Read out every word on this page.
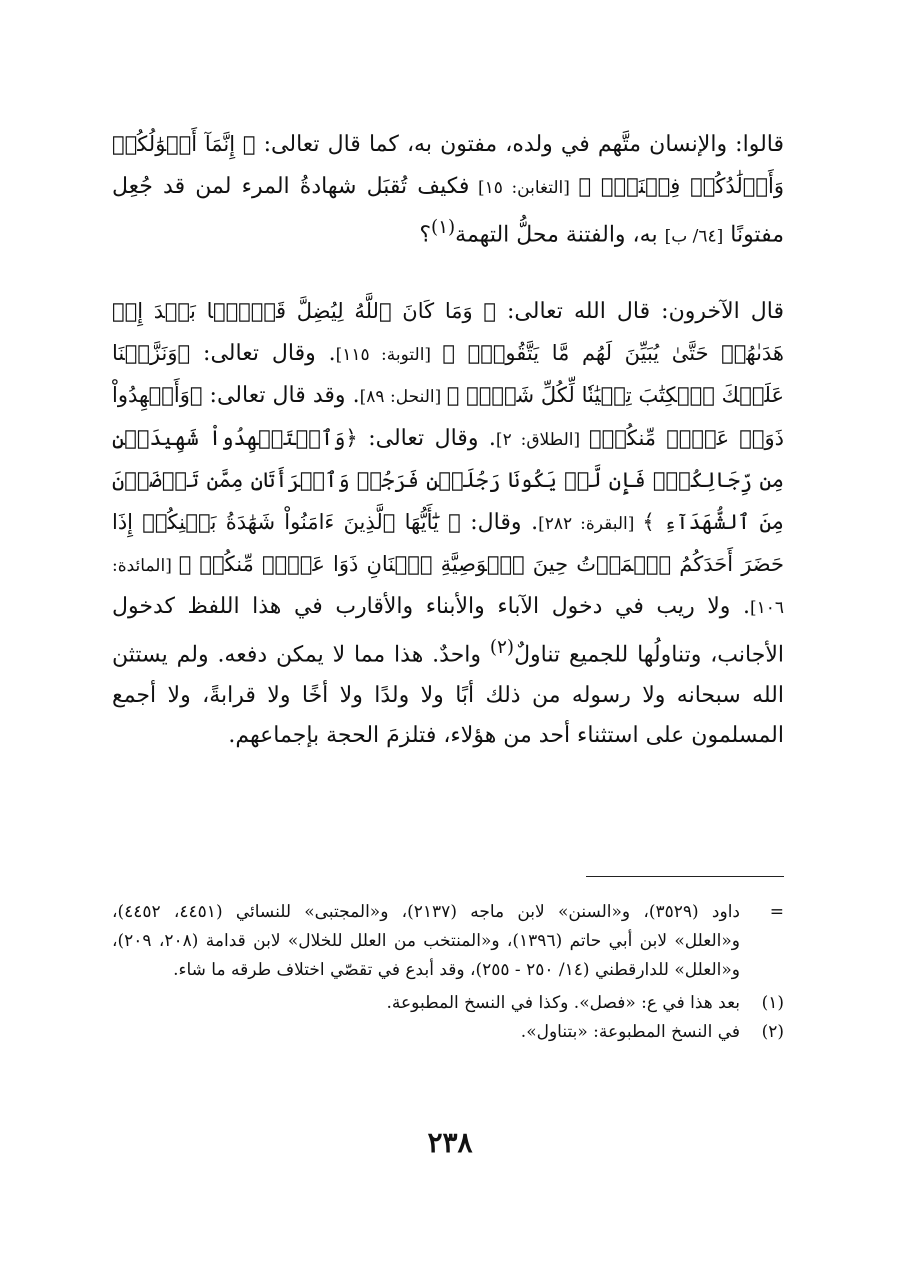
قالوا: والإنسان متَّهم في ولده، مفتون به، كما قال تعالى: ﴿ إِنَّمَآ أَمۡوَٰلُكُمۡ وَأَوۡلَٰدُكُمۡ فِتۡنَةٞۚ ﴾ [التغابن: ١٥] فكيف تُقبَل شهادةُ المرء لمن قد جُعِل مفتونًا [٦٤/ ب] به، والفتنة محلُّ التهمة$^{(١)}$؟

قال الآخرون: قال الله تعالى: ﴿ وَمَا كَانَ ٱللَّهُ لِيُضِلَّ قَوۡمَۢا بَعۡدَ إِذۡ هَدَىٰهُمۡ حَتَّىٰ يُبَيِّنَ لَهُم مَّا يَتَّقُونَۚ ﴾ [التوبة: ١١٥]. وقال تعالى: ﴿وَنَزَّلۡنَا عَلَيۡكَ ٱلۡكِتَٰبَ تِبۡيَٰنٗا لِّكُلِّ شَيۡءٖ ﴾ [النحل: ٨٩]. وقد قال تعالى: ﴿وَأَشۡهِدُواْ ذَوَيۡ عَدۡلٖ مِّنكُمۡ﴾ [الطلاق: ٢]. وقال تعالى: ﴿وَٱسۡتَشۡهِدُواْ شَهِيدَيۡنِ مِن رِّجَالِكُمۡۖ فَإِن لَّمۡ يَكُونَا رَجُلَيۡنِ فَرَجُلٞ وَٱمۡرَأَتَانِ مِمَّن تَرۡضَوۡنَ مِنَ ٱلشُّهَدَآءِ ﴾ [البقرة: ٢٨٢]. وقال: ﴿ يَٰٓأَيُّهَا ٱلَّذِينَ ءَامَنُواْ شَهَٰدَةُ بَيۡنِكُمۡ إِذَا حَضَرَ أَحَدَكُمُ ٱلۡمَوۡتُ حِينَ ٱلۡوَصِيَّةِ ٱثۡنَانِ ذَوَا عَدۡلٖ مِّنكُمۡ ﴾ [المائدة: ١٠٦]. ولا ريب في دخول الآباء والأبناء والأقارب في هذا اللفظ كدخول الأجانب، وتناولُها للجميع تناولٌ$^{(٢)}$ واحدٌ. هذا مما لا يمكن دفعه. ولم يستثن الله سبحانه ولا رسوله من ذلك أبًا ولا ولدًا ولا أخًا ولا قرابةً، ولا أجمع المسلمون على استثناء أحد من هؤلاء، فتلزمَ الحجة بإجماعهم.

=
داود (٣٥٢٩)، و«السنن» لابن ماجه (٢١٣٧)، و«المجتبى» للنسائي (٤٤٥١، ٤٤٥٢)، و«العلل» لابن أبي حاتم (١٣٩٦)، و«المنتخب من العلل للخلال» لابن قدامة (٢٠٨، ٢٠٩)، و«العلل» للدارقطني (١٤/ ٢٥٠ - ٢٥٥)، وقد أبدع في تقصّي اختلاف طرقه ما شاء.
(١)
بعد هذا في ع: «فصل». وكذا في النسخ المطبوعة.
(٢)
في النسخ المطبوعة: «بتناول».
٢٣٨
